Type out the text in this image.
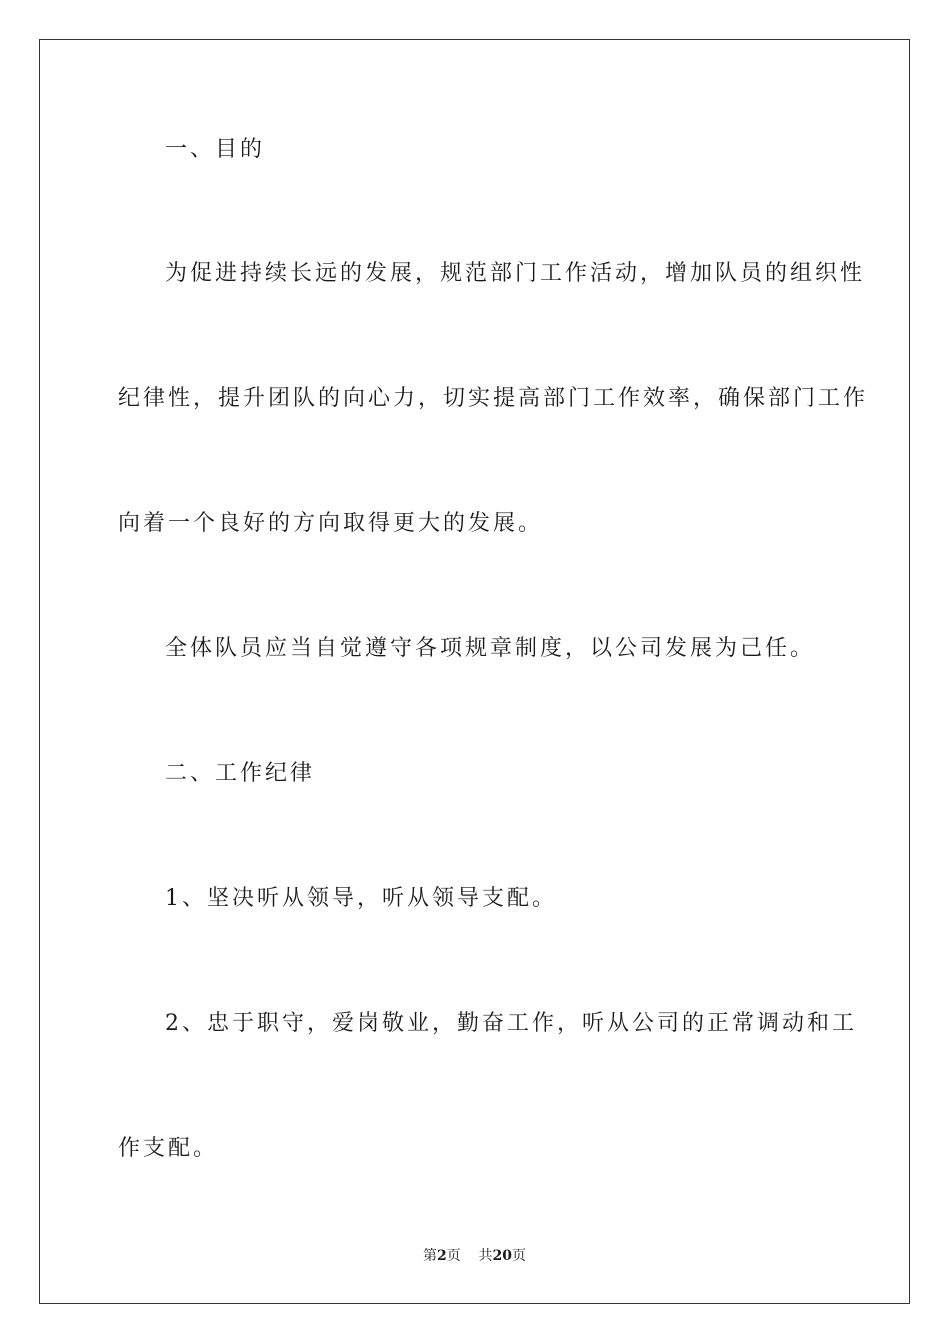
一、目的
为促进持续长远的发展，规范部门工作活动，增加队员的组织性
纪律性，提升团队的向心力，切实提高部门工作效率，确保部门工作
向着一个良好的方向取得更大的发展。
全体队员应当自觉遵守各项规章制度，以公司发展为己任。
二、工作纪律
1、坚决听从领导，听从领导支配。
2、忠于职守，爱岗敬业，勤奋工作，听从公司的正常调动和工
作支配。
第2页 共20页
